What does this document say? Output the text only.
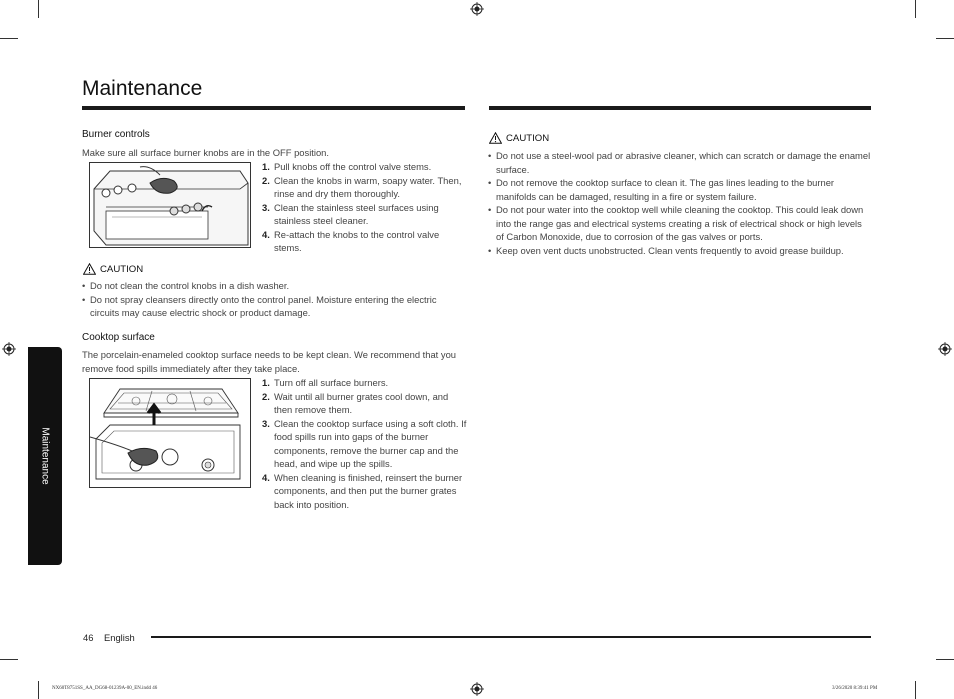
Maintenance
Maintenance
Burner controls
Make sure all surface burner knobs are in the OFF position.
1. Pull knobs off the control valve stems.
2. Clean the knobs in warm, soapy water. Then, rinse and dry them thoroughly.
3. Clean the stainless steel surfaces using stainless steel cleaner.
4. Re-attach the knobs to the control valve stems.
CAUTION
• Do not clean the control knobs in a dish washer.
• Do not spray cleansers directly onto the control panel. Moisture entering the electric circuits may cause electric shock or product damage.
Cooktop surface
The porcelain-enameled cooktop surface needs to be kept clean. We recommend that you remove food spills immediately after they take place.
1. Turn off all surface burners.
2. Wait until all burner grates cool down, and then remove them.
3. Clean the cooktop surface using a soft cloth. If food spills run into gaps of the burner components, remove the burner cap and the head, and wipe up the spills.
4. When cleaning is finished, reinsert the burner components, and then put the burner grates back into position.
CAUTION
• Do not use a steel-wool pad or abrasive cleaner, which can scratch or damage the enamel surface.
• Do not remove the cooktop surface to clean it. The gas lines leading to the burner manifolds can be damaged, resulting in a fire or system failure.
• Do not pour water into the cooktop well while cleaning the cooktop. This could leak down into the range gas and electrical systems creating a risk of electrical shock or high levels of Carbon Monoxide, due to corrosion of the gas valves or ports.
• Keep oven vent ducts unobstructed. Clean vents frequently to avoid grease buildup.
46 English
NX60T8751SS_AA_DG68-01239A-00_EN.indd 46	3/26/2020 8:39:41 PM
